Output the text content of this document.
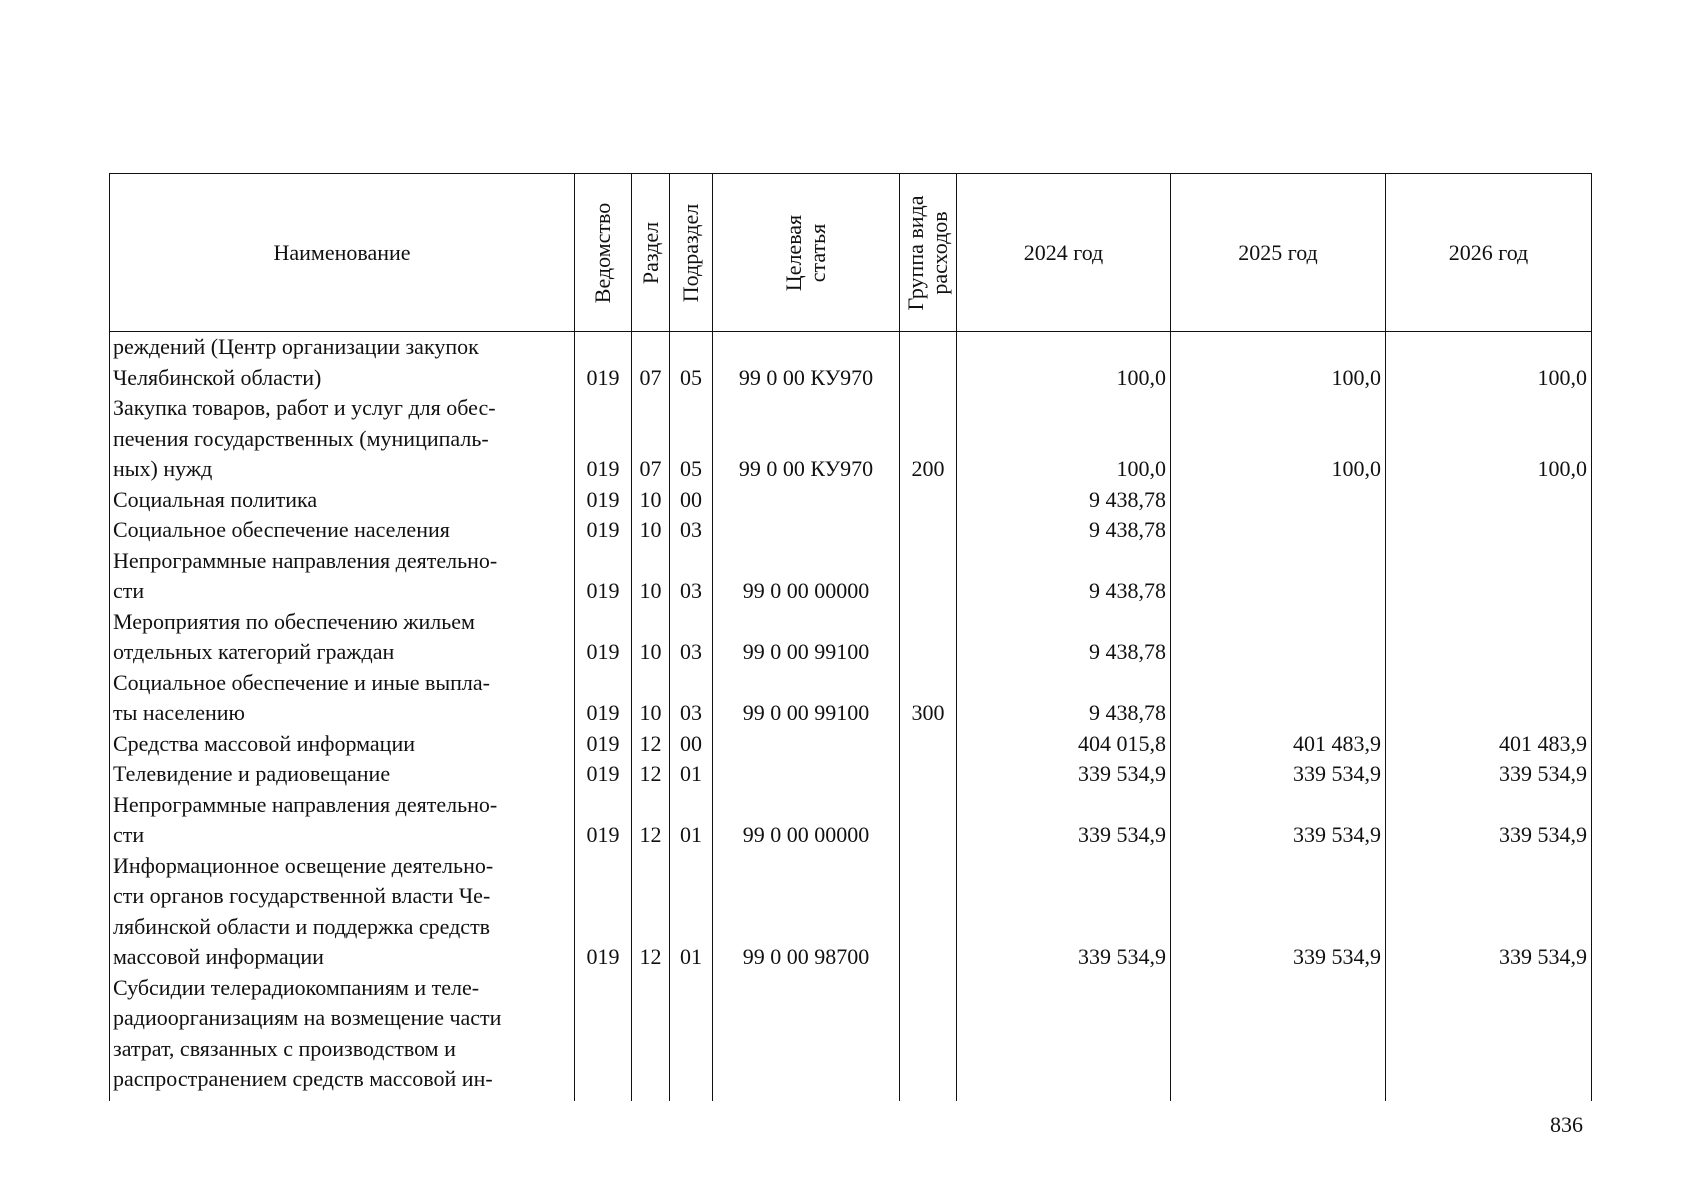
Наименование	Ведомство	Раздел	Подраздел	Целевая
статья	Группа вида
расходов	2024 год	2025 год	2026 год

реждений (Центр организации закупок
Челябинской области)	019	07	05	99 0 00 КУ970		100,0	100,0	100,0

Закупка товаров, работ и услуг для обес-
печения государственных (муниципаль-
ных) нужд	019	07	05	99 0 00 КУ970	200	100,0	100,0	100,0

Социальная политика	019	10	00			9 438,78		

Социальное обеспечение населения	019	10	03			9 438,78		

Непрограммные направления деятельно-
сти	019	10	03	99 0 00 00000		9 438,78		

Мероприятия по обеспечению жильем
отдельных категорий граждан	019	10	03	99 0 00 99100		9 438,78		

Социальное обеспечение и иные выпла-
ты населению	019	10	03	99 0 00 99100	300	9 438,78		

Средства массовой информации	019	12	00			404 015,8	401 483,9	401 483,9

Телевидение и радиовещание	019	12	01			339 534,9	339 534,9	339 534,9

Непрограммные направления деятельно-
сти	019	12	01	99 0 00 00000		339 534,9	339 534,9	339 534,9

Информационное освещение деятельно-
сти органов государственной власти Че-
лябинской области и поддержка средств
массовой информации	019	12	01	99 0 00 98700		339 534,9	339 534,9	339 534,9

Субсидии телерадиокомпаниям и теле-
радиоорганизациям на возмещение части
затрат, связанных с производством и
распространением средств массовой ин-								

836
